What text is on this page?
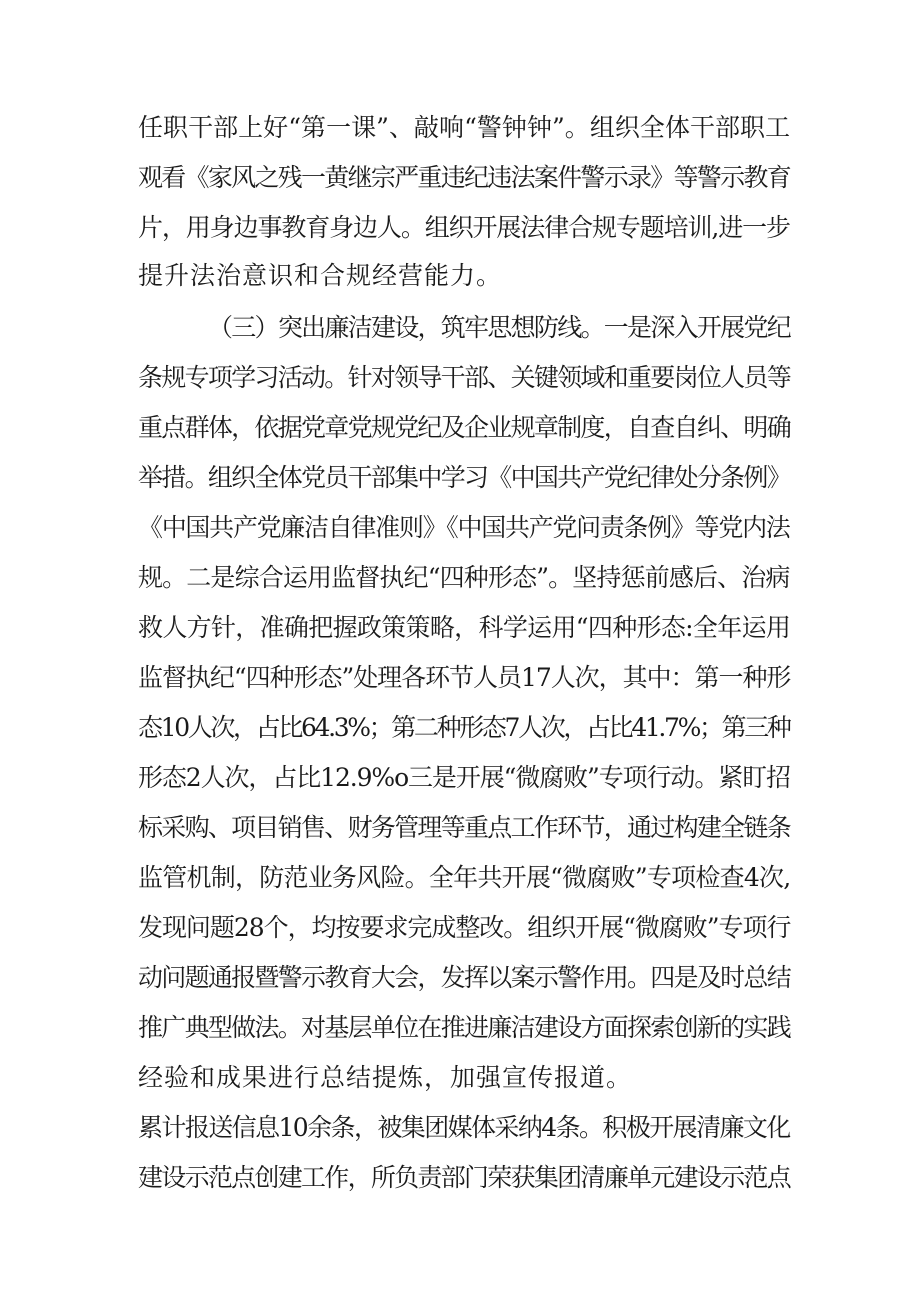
任职干部上好“第一课”、敲响“警钟钟”。组织全体干部职工
观看《家风之残一黄继宗严重违纪违法案件警示录》等警示教育
片，用身边事教育身边人。组织开展法律合规专题培训,进一步
提升法治意识和合规经营能力。
（三）突出廉洁建设，筑牢思想防线。一是深入开展党纪
条规专项学习活动。针对领导干部、关键领域和重要岗位人员等
重点群体，依据党章党规党纪及企业规章制度，自查自纠、明确
举措。组织全体党员干部集中学习《中国共产党纪律处分条例》
《中国共产党廉洁自律准则》《中国共产党问责条例》等党内法
规。二是综合运用监督执纪“四种形态”。坚持惩前感后、治病
救人方针，准确把握政策策略，科学运用“四种形态:全年运用
监督执纪“四种形态”处理各环节人员17人次，其中：第一种形
态10人次，占比64.3%；第二种形态7人次，占比41.7%；第三种
形态2人次，占比12.9%o三是开展“微腐败”专项行动。紧盯招
标采购、项目销售、财务管理等重点工作环节，通过构建全链条
监管机制，防范业务风险。全年共开展“微腐败”专项检查4次,
发现问题28个，均按要求完成整改。组织开展“微腐败”专项行
动问题通报暨警示教育大会，发挥以案示警作用。四是及时总结
推广典型做法。对基层单位在推进廉洁建设方面探索创新的实践
经验和成果进行总结提炼，加强宣传报道。
累计报送信息10余条，被集团媒体采纳4条。积极开展清廉文化
建设示范点创建工作，所负责部门荣获集团清廉单元建设示范点
